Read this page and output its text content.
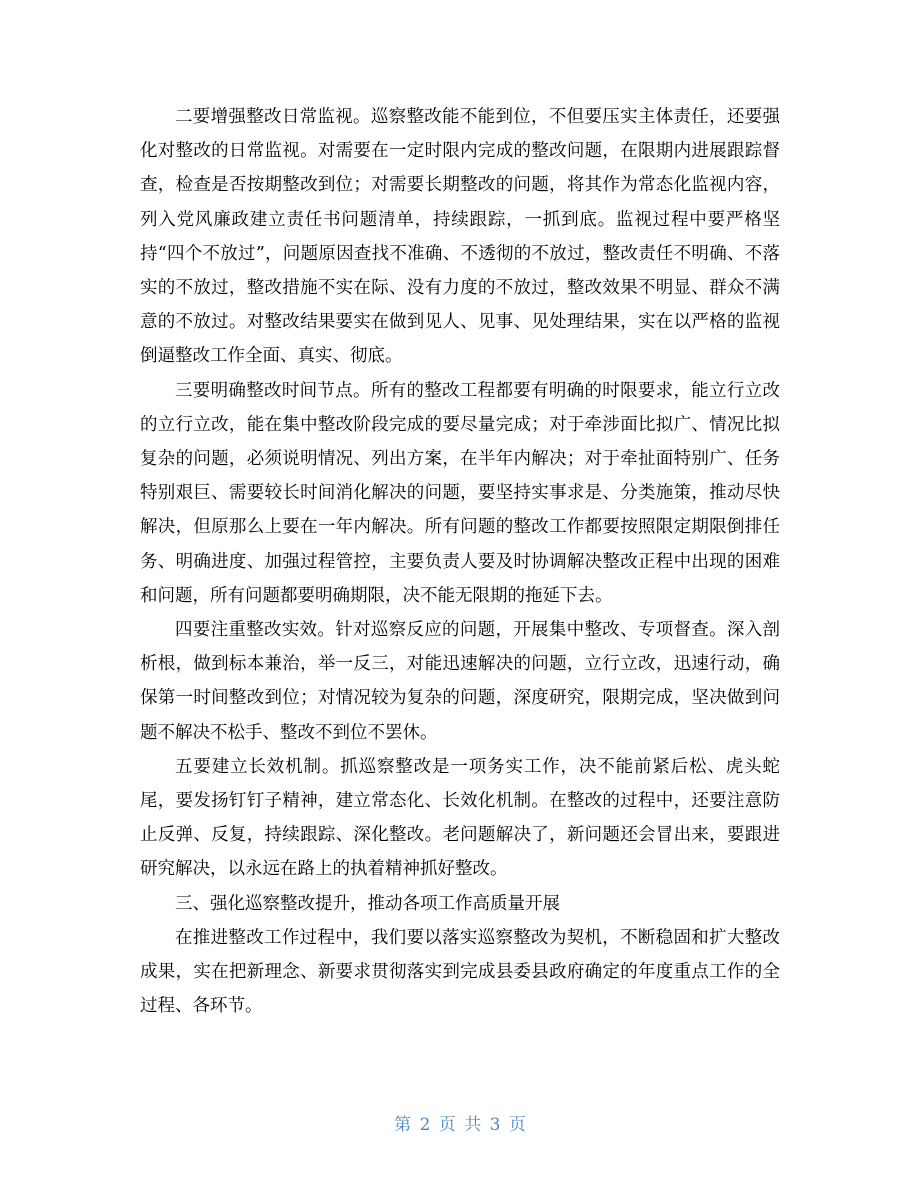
二要增强整改日常监视。巡察整改能不能到位，不但要压实主体责任，还要强化对整改的日常监视。对需要在一定时限内完成的整改问题，在限期内进展跟踪督查，检查是否按期整改到位；对需要长期整改的问题，将其作为常态化监视内容，列入党风廉政建立责任书问题清单，持续跟踪，一抓到底。监视过程中要严格坚持“四个不放过”，问题原因查找不准确、不透彻的不放过，整改责任不明确、不落实的不放过，整改措施不实在际、没有力度的不放过，整改效果不明显、群众不满意的不放过。对整改结果要实在做到见人、见事、见处理结果，实在以严格的监视倒逼整改工作全面、真实、彻底。

三要明确整改时间节点。所有的整改工程都要有明确的时限要求，能立行立改的立行立改，能在集中整改阶段完成的要尽量完成；对于牵涉面比拟广、情况比拟复杂的问题，必须说明情况、列出方案，在半年内解决；对于牵扯面特别广、任务特别艰巨、需要较长时间消化解决的问题，要坚持实事求是、分类施策，推动尽快解决，但原那么上要在一年内解决。所有问题的整改工作都要按照限定期限倒排任务、明确进度、加强过程管控，主要负责人要及时协调解决整改正程中出现的困难和问题，所有问题都要明确期限，决不能无限期的拖延下去。

四要注重整改实效。针对巡察反应的问题，开展集中整改、专项督查。深入剖析根，做到标本兼治，举一反三，对能迅速解决的问题，立行立改，迅速行动，确保第一时间整改到位；对情况较为复杂的问题，深度研究，限期完成，坚决做到问题不解决不松手、整改不到位不罢休。

五要建立长效机制。抓巡察整改是一项务实工作，决不能前紧后松、虎头蛇尾，要发扬钉钉子精神，建立常态化、长效化机制。在整改的过程中，还要注意防止反弹、反复，持续跟踪、深化整改。老问题解决了，新问题还会冒出来，要跟进研究解决，以永远在路上的执着精神抓好整改。

三、强化巡察整改提升，推动各项工作高质量开展

在推进整改工作过程中，我们要以落实巡察整改为契机，不断稳固和扩大整改成果，实在把新理念、新要求贯彻落实到完成县委县政府确定的年度重点工作的全过程、各环节。

第 2 页 共 3 页
